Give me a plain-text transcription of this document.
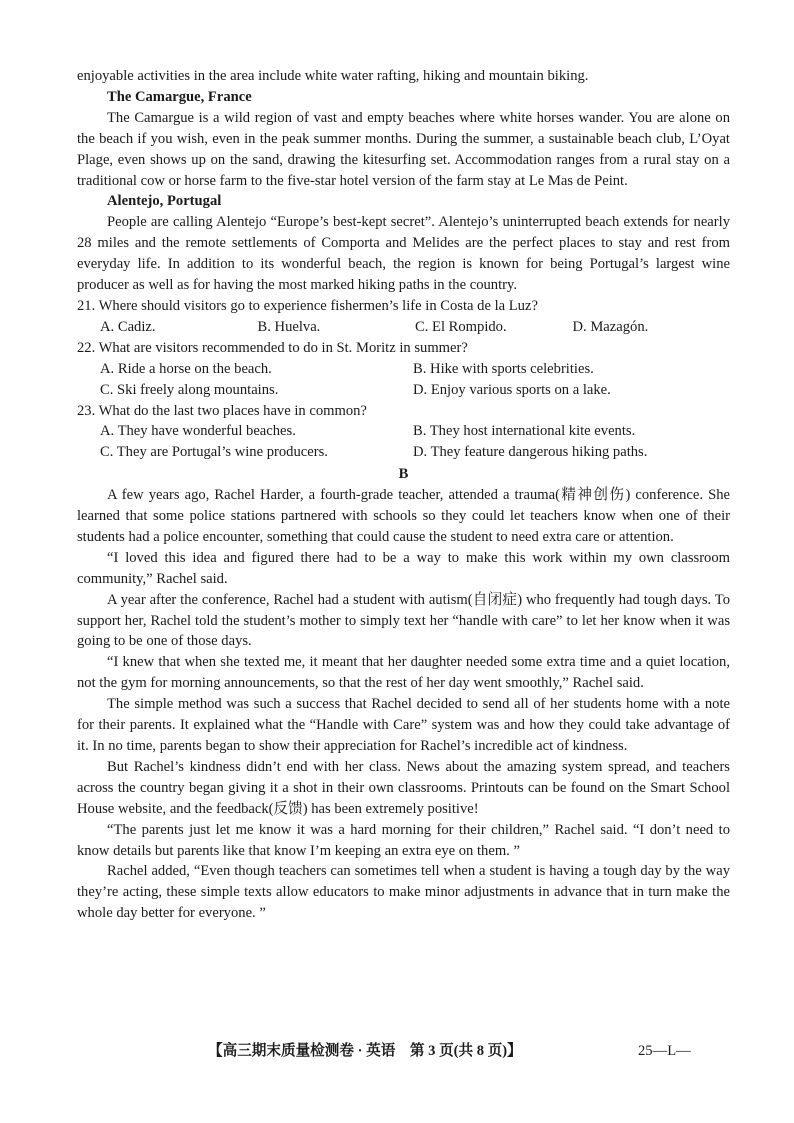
enjoyable activities in the area include white water rafting, hiking and mountain biking.

The Camargue, France

The Camargue is a wild region of vast and empty beaches where white horses wander. You are alone on the beach if you wish, even in the peak summer months. During the summer, a sustainable beach club, L’Oyat Plage, even shows up on the sand, drawing the kitesurfing set. Accommodation ranges from a rural stay on a traditional cow or horse farm to the five-star hotel version of the farm stay at Le Mas de Peint.

Alentejo, Portugal

People are calling Alentejo “Europe’s best-kept secret”. Alentejo’s uninterrupted beach extends for nearly 28 miles and the remote settlements of Comporta and Melides are the perfect places to stay and rest from everyday life. In addition to its wonderful beach, the region is known for being Portugal’s largest wine producer as well as for having the most marked hiking paths in the country.

21. Where should visitors go to experience fishermen’s life in Costa de la Luz?

A. Cadiz.	B. Huelva.	C. El Rompido.	D. Mazagón.

22. What are visitors recommended to do in St. Moritz in summer?

A. Ride a horse on the beach.	B. Hike with sports celebrities.
C. Ski freely along mountains.	D. Enjoy various sports on a lake.

23. What do the last two places have in common?

A. They have wonderful beaches.	B. They host international kite events.
C. They are Portugal’s wine producers.	D. They feature dangerous hiking paths.

B

A few years ago, Rachel Harder, a fourth-grade teacher, attended a trauma(精神创伤) conference. She learned that some police stations partnered with schools so they could let teachers know when one of their students had a police encounter, something that could cause the student to need extra care or attention.

“I loved this idea and figured there had to be a way to make this work within my own classroom community,” Rachel said.

A year after the conference, Rachel had a student with autism(自闭症) who frequently had tough days. To support her, Rachel told the student’s mother to simply text her “handle with care” to let her know when it was going to be one of those days.

“I knew that when she texted me, it meant that her daughter needed some extra time and a quiet location, not the gym for morning announcements, so that the rest of her day went smoothly,” Rachel said.

The simple method was such a success that Rachel decided to send all of her students home with a note for their parents. It explained what the “Handle with Care” system was and how they could take advantage of it. In no time, parents began to show their appreciation for Rachel’s incredible act of kindness.

But Rachel’s kindness didn’t end with her class. News about the amazing system spread, and teachers across the country began giving it a shot in their own classrooms. Printouts can be found on the Smart School House website, and the feedback(反馈) has been extremely positive!

“The parents just let me know it was a hard morning for their children,” Rachel said. “I don’t need to know details but parents like that know I’m keeping an extra eye on them. ”

Rachel added, “Even though teachers can sometimes tell when a student is having a tough day by the way they’re acting, these simple texts allow educators to make minor adjustments in advance that in turn make the whole day better for everyone. ”

【高三期末质量检测卷 · 英语　第 3 页(共 8 页)】	25—L—
